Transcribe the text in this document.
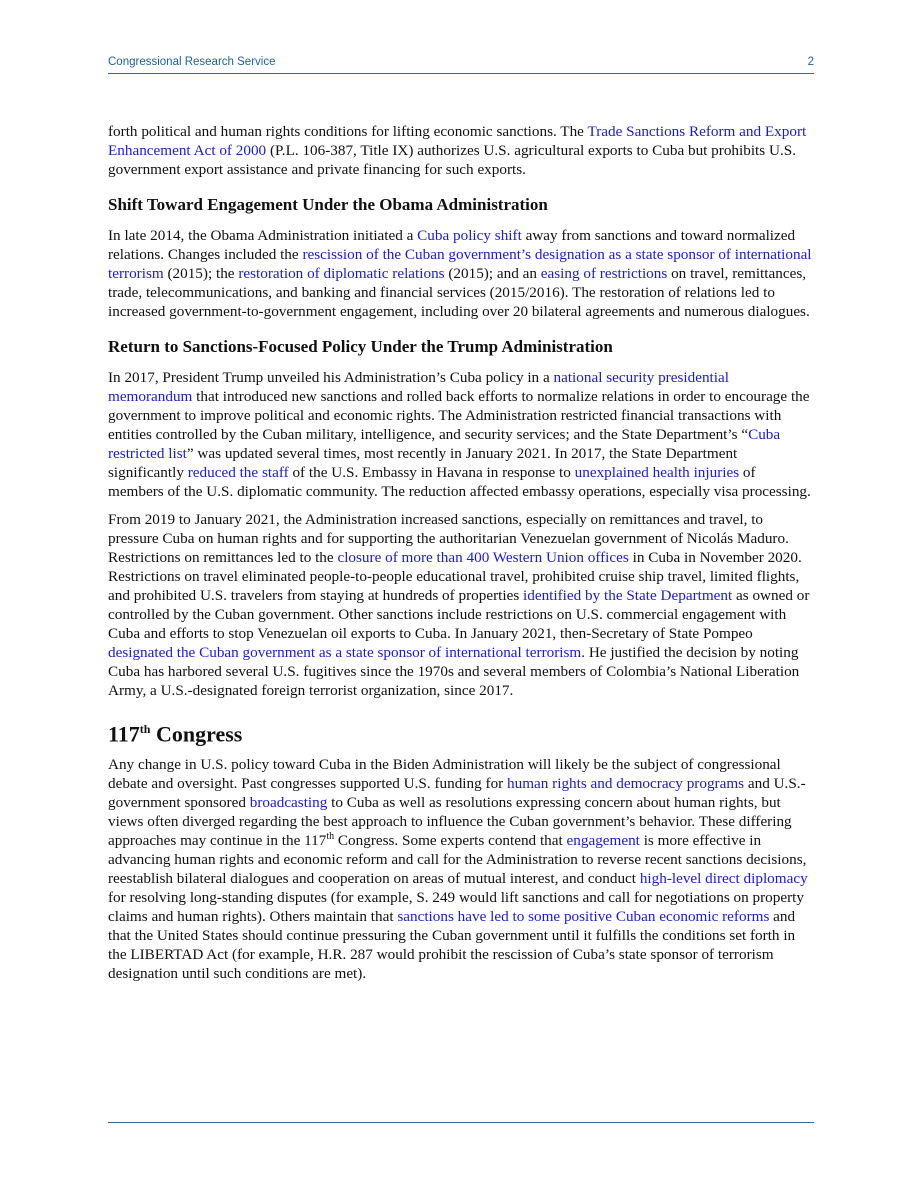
Congressional Research Service	2

forth political and human rights conditions for lifting economic sanctions. The Trade Sanctions Reform and Export Enhancement Act of 2000 (P.L. 106-387, Title IX) authorizes U.S. agricultural exports to Cuba but prohibits U.S. government export assistance and private financing for such exports.

Shift Toward Engagement Under the Obama Administration

In late 2014, the Obama Administration initiated a Cuba policy shift away from sanctions and toward normalized relations. Changes included the rescission of the Cuban government’s designation as a state sponsor of international terrorism (2015); the restoration of diplomatic relations (2015); and an easing of restrictions on travel, remittances, trade, telecommunications, and banking and financial services (2015/2016). The restoration of relations led to increased government-to-government engagement, including over 20 bilateral agreements and numerous dialogues.

Return to Sanctions-Focused Policy Under the Trump Administration

In 2017, President Trump unveiled his Administration’s Cuba policy in a national security presidential memorandum that introduced new sanctions and rolled back efforts to normalize relations in order to encourage the government to improve political and economic rights. The Administration restricted financial transactions with entities controlled by the Cuban military, intelligence, and security services; and the State Department’s “Cuba restricted list” was updated several times, most recently in January 2021. In 2017, the State Department significantly reduced the staff of the U.S. Embassy in Havana in response to unexplained health injuries of members of the U.S. diplomatic community. The reduction affected embassy operations, especially visa processing.

From 2019 to January 2021, the Administration increased sanctions, especially on remittances and travel, to pressure Cuba on human rights and for supporting the authoritarian Venezuelan government of Nicolás Maduro. Restrictions on remittances led to the closure of more than 400 Western Union offices in Cuba in November 2020. Restrictions on travel eliminated people-to-people educational travel, prohibited cruise ship travel, limited flights, and prohibited U.S. travelers from staying at hundreds of properties identified by the State Department as owned or controlled by the Cuban government. Other sanctions include restrictions on U.S. commercial engagement with Cuba and efforts to stop Venezuelan oil exports to Cuba. In January 2021, then-Secretary of State Pompeo designated the Cuban government as a state sponsor of international terrorism. He justified the decision by noting Cuba has harbored several U.S. fugitives since the 1970s and several members of Colombia’s National Liberation Army, a U.S.-designated foreign terrorist organization, since 2017.

117th Congress

Any change in U.S. policy toward Cuba in the Biden Administration will likely be the subject of congressional debate and oversight. Past congresses supported U.S. funding for human rights and democracy programs and U.S.-government sponsored broadcasting to Cuba as well as resolutions expressing concern about human rights, but views often diverged regarding the best approach to influence the Cuban government’s behavior. These differing approaches may continue in the 117th Congress. Some experts contend that engagement is more effective in advancing human rights and economic reform and call for the Administration to reverse recent sanctions decisions, reestablish bilateral dialogues and cooperation on areas of mutual interest, and conduct high-level direct diplomacy for resolving long-standing disputes (for example, S. 249 would lift sanctions and call for negotiations on property claims and human rights). Others maintain that sanctions have led to some positive Cuban economic reforms and that the United States should continue pressuring the Cuban government until it fulfills the conditions set forth in the LIBERTAD Act (for example, H.R. 287 would prohibit the rescission of Cuba’s state sponsor of terrorism designation until such conditions are met).
